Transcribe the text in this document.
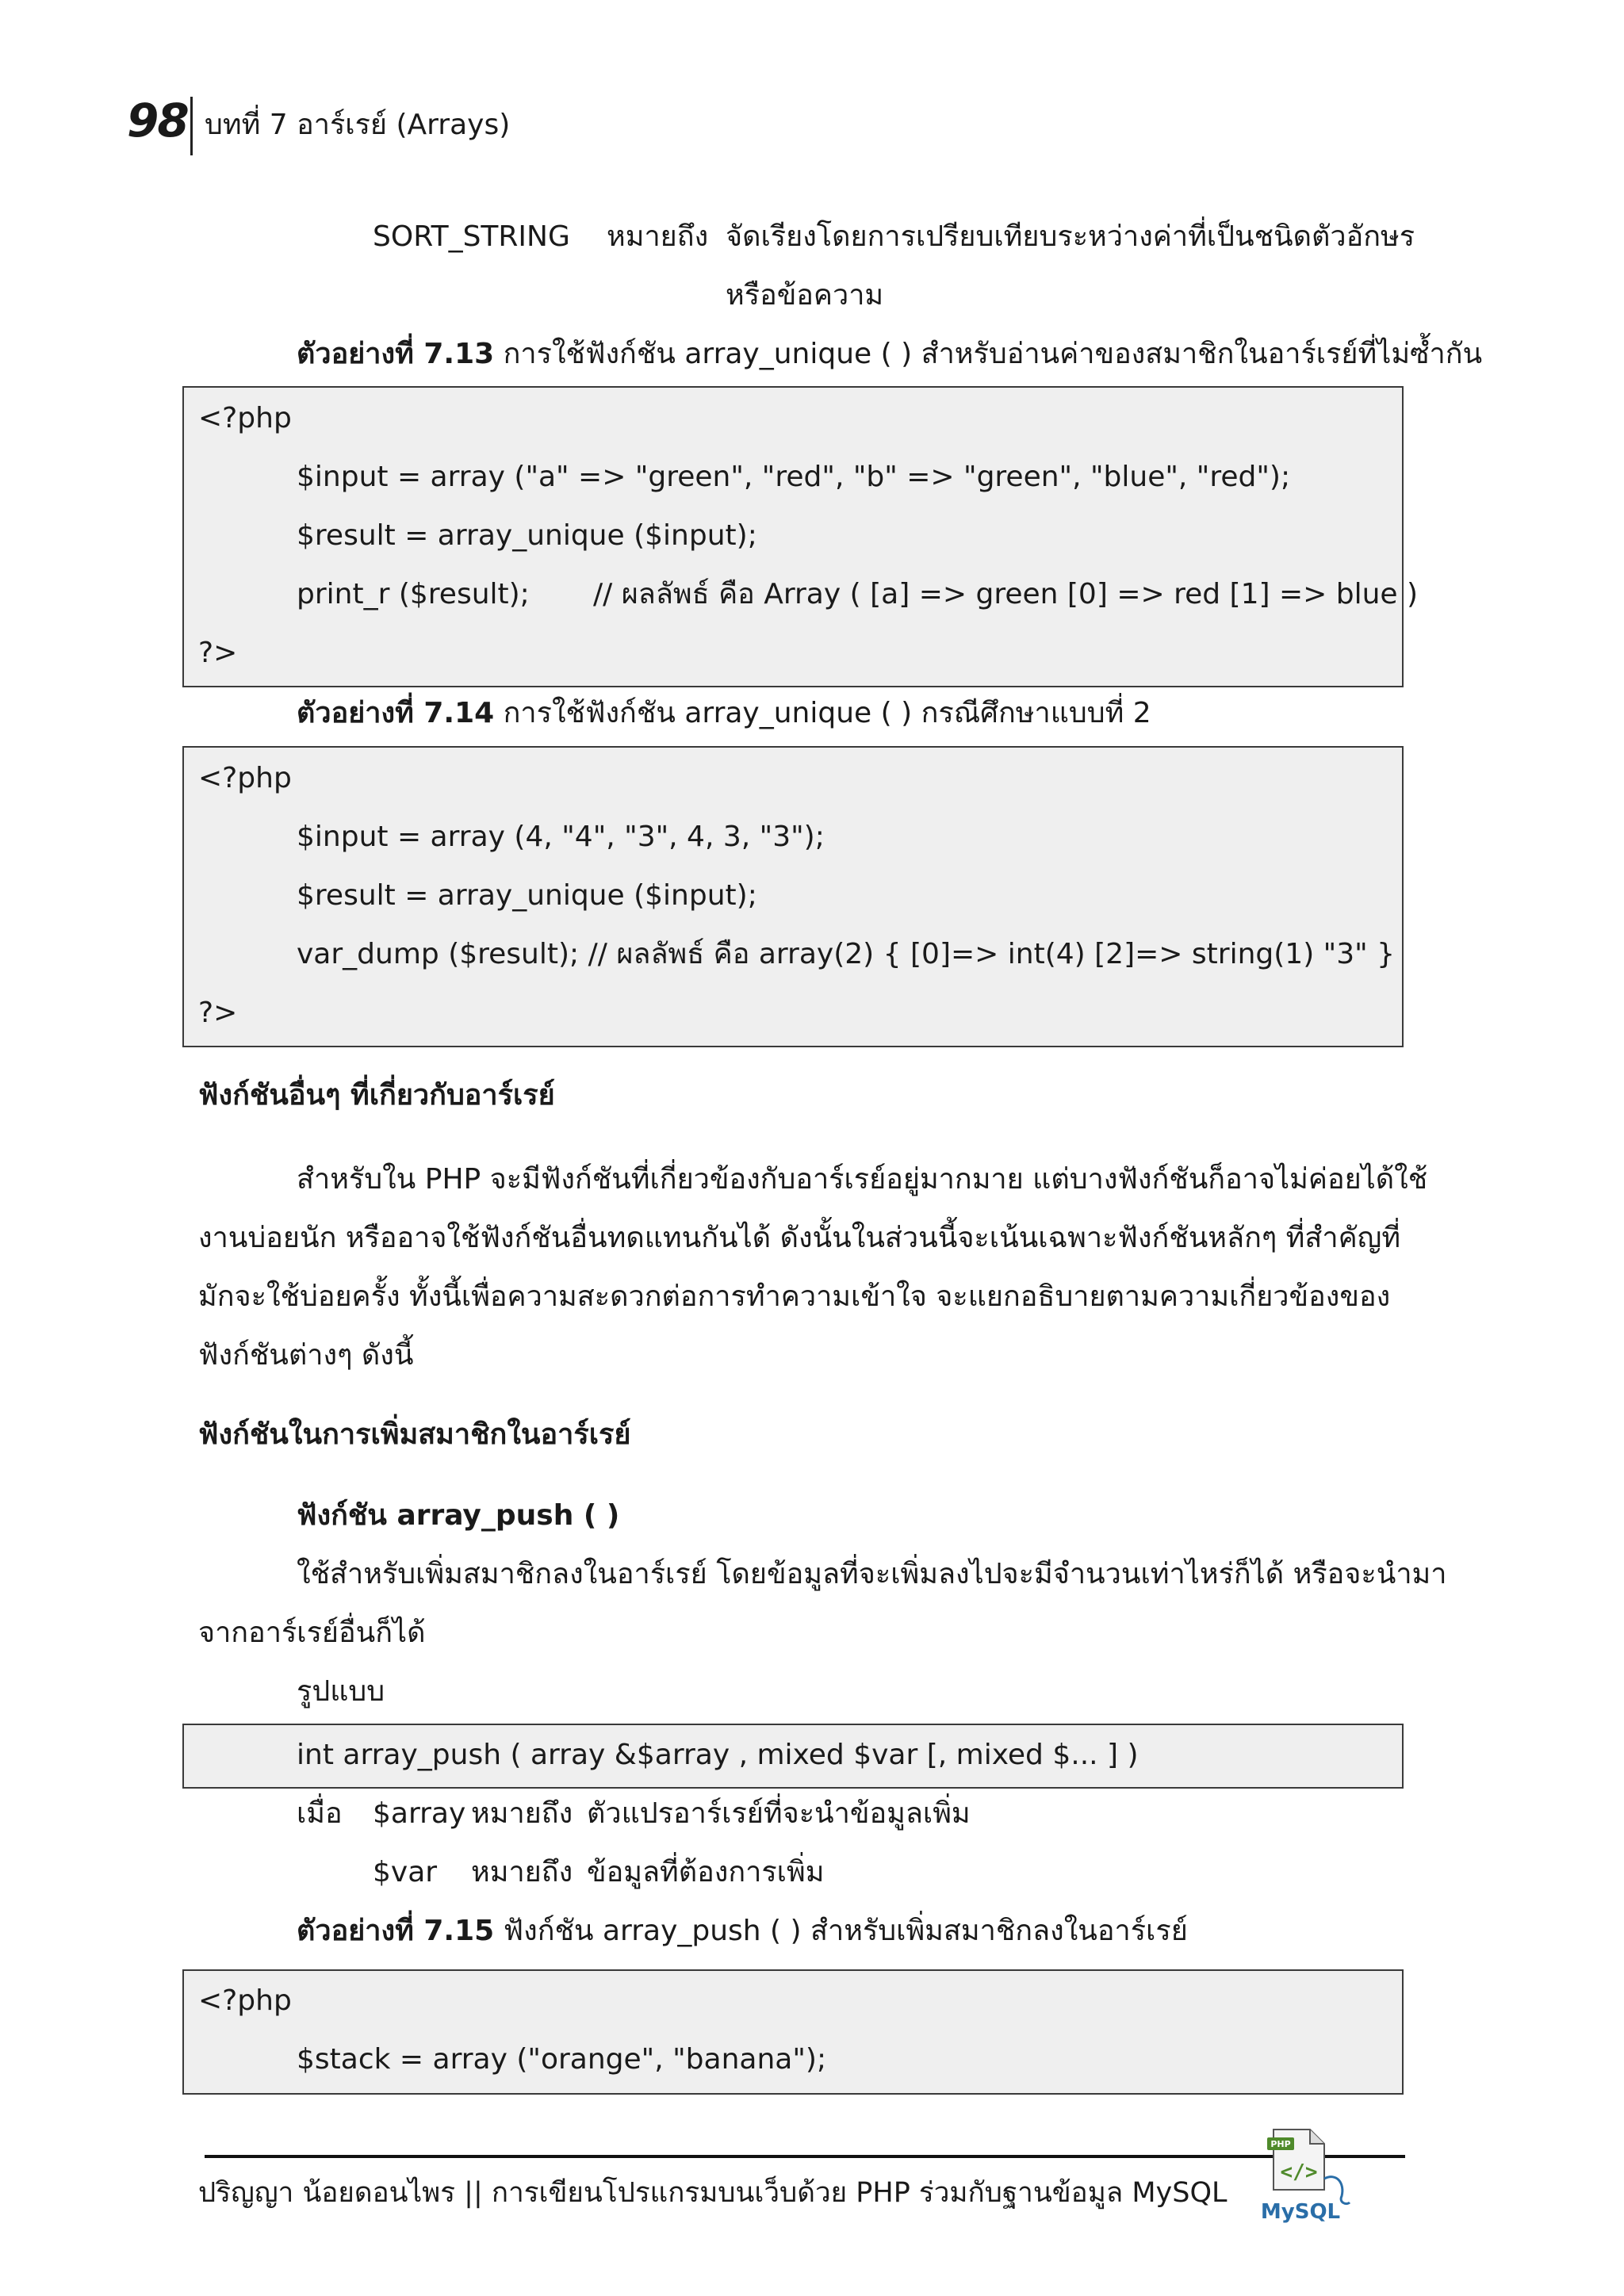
98 บทที่ 7 อาร์เรย์ (Arrays)
SORT_STRING หมายถึง จัดเรียงโดยการเปรียบเทียบระหว่างค่าที่เป็นชนิดตัวอักษร
หรือข้อความ
ตัวอย่างที่ 7.13 การใช้ฟังก์ชัน array_unique ( ) สำหรับอ่านค่าของสมาชิกในอาร์เรย์ที่ไม่ซ้ำกัน
<?php
$input = array ("a" => "green", "red", "b" => "green", "blue", "red");
$result = array_unique ($input);
print_r ($result); // ผลลัพธ์ คือ Array ( [a] => green [0] => red [1] => blue )
?>
ตัวอย่างที่ 7.14 การใช้ฟังก์ชัน array_unique ( ) กรณีศึกษาแบบที่ 2
<?php
$input = array (4, "4", "3", 4, 3, "3");
$result = array_unique ($input);
var_dump ($result); // ผลลัพธ์ คือ array(2) { [0]=> int(4) [2]=> string(1) "3" }
?>
ฟังก์ชันอื่นๆ ที่เกี่ยวกับอาร์เรย์
สำหรับใน PHP จะมีฟังก์ชันที่เกี่ยวข้องกับอาร์เรย์อยู่มากมาย แต่บางฟังก์ชันก็อาจไม่ค่อยได้ใช้
งานบ่อยนัก หรืออาจใช้ฟังก์ชันอื่นทดแทนกันได้ ดังนั้นในส่วนนี้จะเน้นเฉพาะฟังก์ชันหลักๆ ที่สำคัญที่
มักจะใช้บ่อยครั้ง ทั้งนี้เพื่อความสะดวกต่อการทำความเข้าใจ จะแยกอธิบายตามความเกี่ยวข้องของ
ฟังก์ชันต่างๆ ดังนี้
ฟังก์ชันในการเพิ่มสมาชิกในอาร์เรย์
ฟังก์ชัน array_push ( )
ใช้สำหรับเพิ่มสมาชิกลงในอาร์เรย์ โดยข้อมูลที่จะเพิ่มลงไปจะมีจำนวนเท่าไหร่ก็ได้ หรือจะนำมา
จากอาร์เรย์อื่นก็ได้
รูปแบบ
int array_push ( array &$array , mixed $var [, mixed $... ] )
เมื่อ $array หมายถึง ตัวแปรอาร์เรย์ที่จะนำข้อมูลเพิ่ม
$var หมายถึง ข้อมูลที่ต้องการเพิ่ม
ตัวอย่างที่ 7.15 ฟังก์ชัน array_push ( ) สำหรับเพิ่มสมาชิกลงในอาร์เรย์
<?php
$stack = array ("orange", "banana");
ปริญญา น้อยดอนไพร || การเขียนโปรแกรมบนเว็บด้วย PHP ร่วมกับฐานข้อมูล MySQL
PHP
</>
MySQL
